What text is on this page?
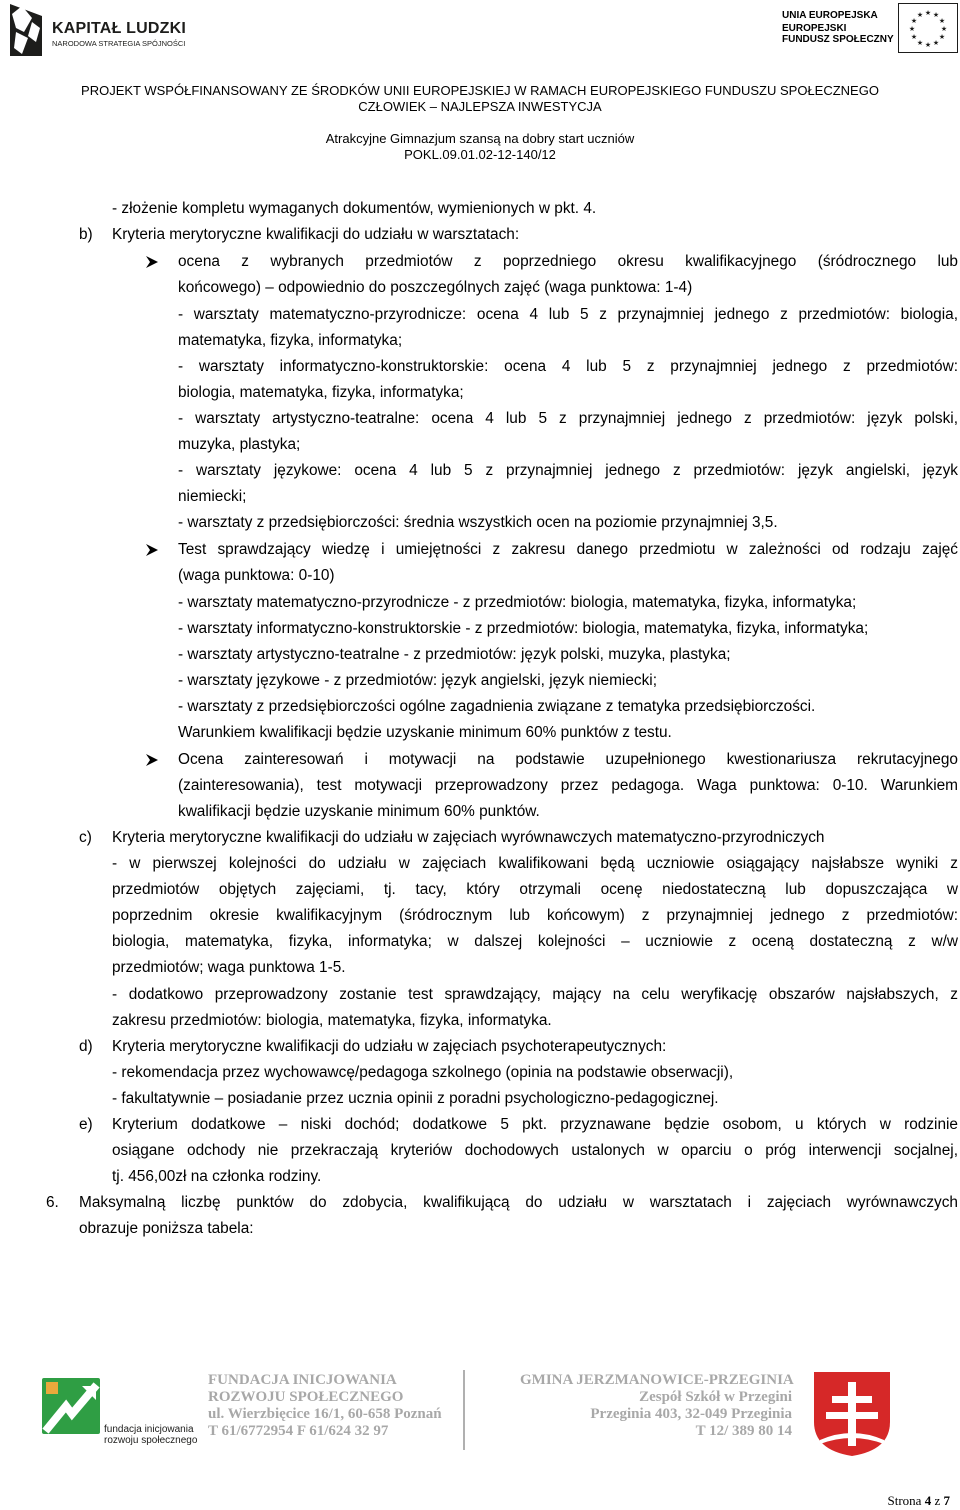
KAPITAŁ LUDZKI
NARODOWA STRATEGIA SPÓJNOŚCI
UNIA EUROPEJSKA
EUROPEJSKI
FUNDUSZ SPOŁECZNY
★ ★
★
★
★
★
★
★
★
★
★
★
PROJEKT WSPÓŁFINANSOWANY ZE ŚRODKÓW UNII EUROPEJSKIEJ W RAMACH EUROPEJSKIEGO FUNDUSZU SPOŁECZNEGO
CZŁOWIEK – NAJLEPSZA INWESTYCJA
Atrakcyjne Gimnazjum szansą na dobry start uczniów
POKL.09.01.02-12-140/12
- złożenie kompletu wymaganych dokumentów, wymienionych w pkt. 4.
b) Kryteria merytoryczne kwalifikacji do udziału w warsztatach:
ocena z wybranych przedmiotów z poprzedniego okresu kwalifikacyjnego (śródrocznego lub
końcowego) – odpowiednio do poszczególnych zajęć (waga punktowa: 1-4)
- warsztaty matematyczno-przyrodnicze: ocena 4 lub 5 z przynajmniej jednego z przedmiotów: biologia,
matematyka, fizyka, informatyka;
- warsztaty informatyczno-konstruktorskie: ocena 4 lub 5 z przynajmniej jednego z przedmiotów:
biologia, matematyka, fizyka, informatyka;
- warsztaty artystyczno-teatralne: ocena 4 lub 5 z przynajmniej jednego z przedmiotów: język polski,
muzyka, plastyka;
- warsztaty językowe: ocena 4 lub 5 z przynajmniej jednego z przedmiotów: język angielski, język
niemiecki;
- warsztaty z przedsiębiorczości: średnia wszystkich ocen na poziomie przynajmniej 3,5.
Test sprawdzający wiedzę i umiejętności z zakresu danego przedmiotu w zależności od rodzaju zajęć
(waga punktowa: 0-10)
- warsztaty matematyczno-przyrodnicze - z przedmiotów: biologia, matematyka, fizyka, informatyka;
- warsztaty informatyczno-konstruktorskie - z przedmiotów: biologia, matematyka, fizyka, informatyka;
- warsztaty artystyczno-teatralne - z przedmiotów: język polski, muzyka, plastyka;
- warsztaty językowe - z przedmiotów: język angielski, język niemiecki;
- warsztaty z przedsiębiorczości ogólne zagadnienia związane z tematyka przedsiębiorczości.
Warunkiem kwalifikacji będzie uzyskanie minimum 60% punktów z testu.
Ocena zainteresowań i motywacji na podstawie uzupełnionego kwestionariusza rekrutacyjnego
(zainteresowania), test motywacji przeprowadzony przez pedagoga. Waga punktowa: 0-10. Warunkiem
kwalifikacji będzie uzyskanie minimum 60% punktów.
c) Kryteria merytoryczne kwalifikacji do udziału w zajęciach wyrównawczych matematyczno-przyrodniczych
- w pierwszej kolejności do udziału w zajęciach kwalifikowani będą uczniowie osiągający najsłabsze wyniki z
przedmiotów objętych zajęciami, tj. tacy, który otrzymali ocenę niedostateczną lub dopuszczająca w
poprzednim okresie kwalifikacyjnym (śródrocznym lub końcowym) z przynajmniej jednego z przedmiotów:
biologia, matematyka, fizyka, informatyka; w dalszej kolejności – uczniowie z oceną dostateczną z w/w
przedmiotów; waga punktowa 1-5.
- dodatkowo przeprowadzony zostanie test sprawdzający, mający na celu weryfikację obszarów najsłabszych, z
zakresu przedmiotów: biologia, matematyka, fizyka, informatyka.
d) Kryteria merytoryczne kwalifikacji do udziału w zajęciach psychoterapeutycznych:
- rekomendacja przez wychowawcę/pedagoga szkolnego (opinia na podstawie obserwacji),
- fakultatywnie – posiadanie przez ucznia opinii z poradni psychologiczno-pedagogicznej.
e) Kryterium dodatkowe – niski dochód; dodatkowe 5 pkt. przyznawane będzie osobom, u których w rodzinie
osiągane odchody nie przekraczają kryteriów dochodowych ustalonych w oparciu o próg interwencji socjalnej,
tj. 456,00zł na członka rodziny.
6. Maksymalną liczbę punktów do zdobycia, kwalifikującą do udziału w warsztatach i zajęciach wyrównawczych
obrazuje poniższa tabela:
fundacja inicjowania
rozwoju społecznego
FUNDACJA INICJOWANIA
ROZWOJU SPOŁECZNEGO
ul. Wierzbięcice 16/1, 60-658 Poznań
T 61/6772954 F 61/624 32 97
GMINA JERZMANOWICE-PRZEGINIA
Zespół Szkół w Przegini
Przeginia 403, 32-049 Przeginia
T 12/ 389 80 14
Strona 4 z 7
